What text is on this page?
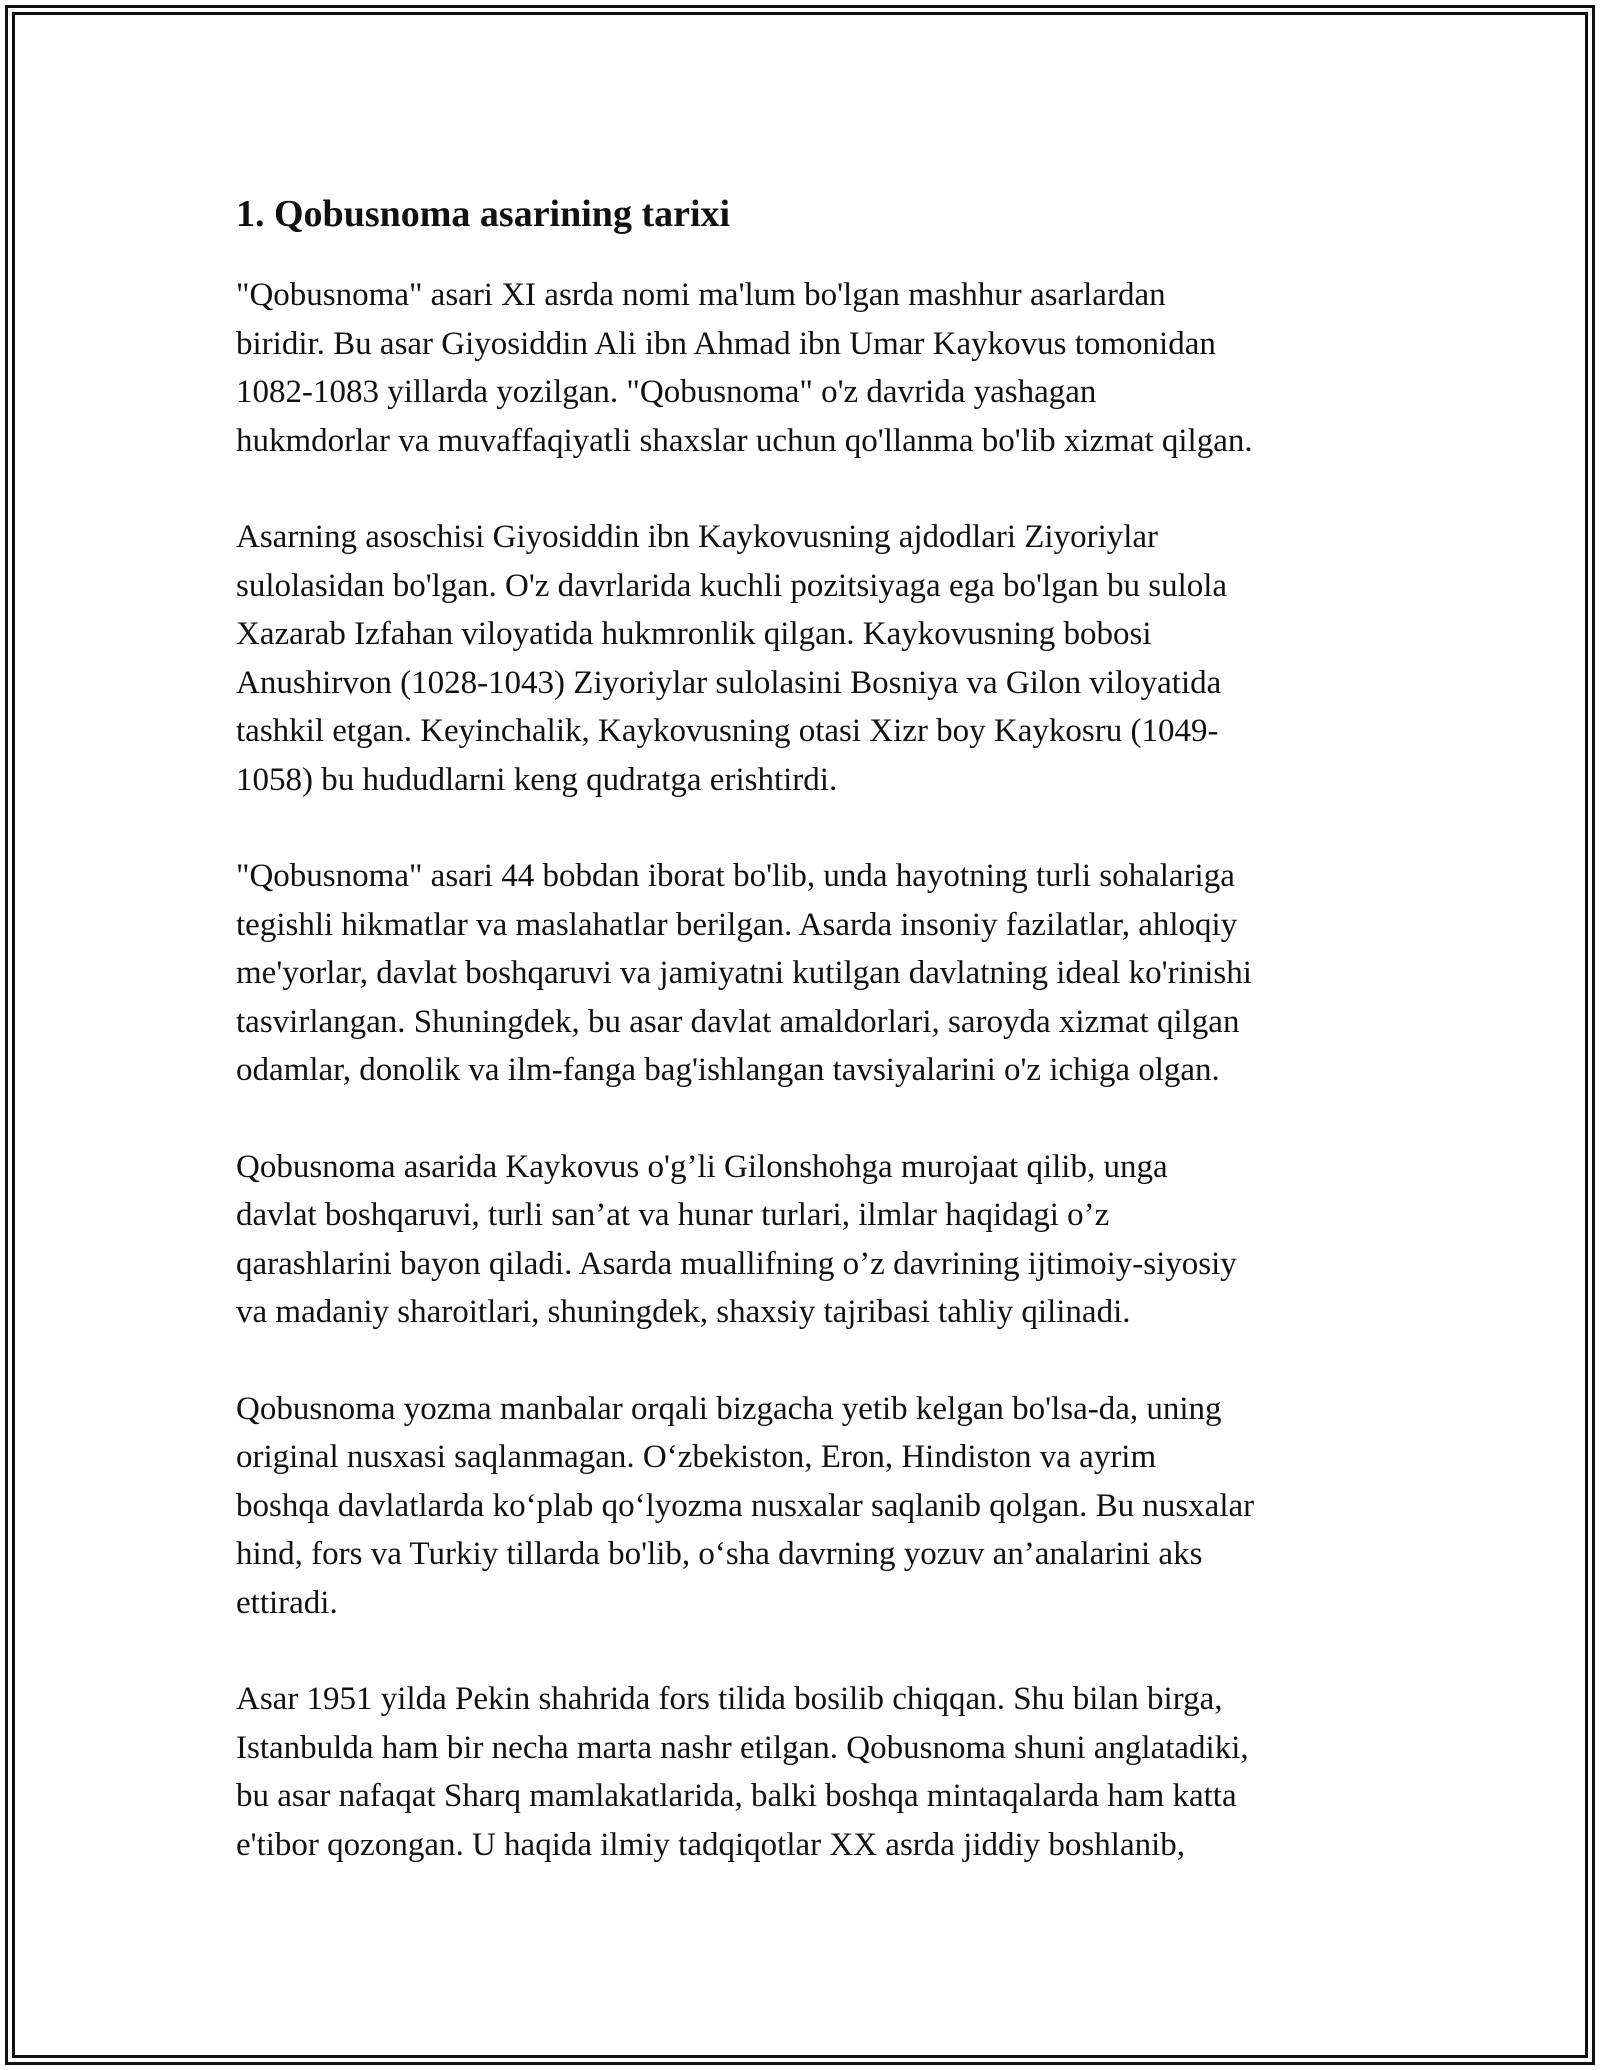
1. Qobusnoma asarining tarixi

"Qobusnoma" asari XI asrda nomi ma'lum bo'lgan mashhur asarlardan
biridir. Bu asar Giyosiddin Ali ibn Ahmad ibn Umar Kaykovus tomonidan
1082-1083 yillarda yozilgan. "Qobusnoma" o'z davrida yashagan
hukmdorlar va muvaffaqiyatli shaxslar uchun qo'llanma bo'lib xizmat qilgan.

Asarning asoschisi Giyosiddin ibn Kaykovusning ajdodlari Ziyoriylar
sulolasidan bo'lgan. O'z davrlarida kuchli pozitsiyaga ega bo'lgan bu sulola
Xazarab Izfahan viloyatida hukmronlik qilgan. Kaykovusning bobosi
Anushirvon (1028-1043) Ziyoriylar sulolasini Bosniya va Gilon viloyatida
tashkil etgan. Keyinchalik, Kaykovusning otasi Xizr boy Kaykosru (1049-
1058) bu hududlarni keng qudratga erishtirdi.

"Qobusnoma" asari 44 bobdan iborat bo'lib, unda hayotning turli sohalariga
tegishli hikmatlar va maslahatlar berilgan. Asarda insoniy fazilatlar, ahloqiy
me'yorlar, davlat boshqaruvi va jamiyatni kutilgan davlatning ideal ko'rinishi
tasvirlangan. Shuningdek, bu asar davlat amaldorlari, saroyda xizmat qilgan
odamlar, donolik va ilm-fanga bag'ishlangan tavsiyalarini o'z ichiga olgan.

Qobusnoma asarida Kaykovus o'g’li Gilonshohga murojaat qilib, unga
davlat boshqaruvi, turli san’at va hunar turlari, ilmlar haqidagi o’z
qarashlarini bayon qiladi. Asarda muallifning o’z davrining ijtimoiy-siyosiy
va madaniy sharoitlari, shuningdek, shaxsiy tajribasi tahliy qilinadi.

Qobusnoma yozma manbalar orqali bizgacha yetib kelgan bo'lsa-da, uning
original nusxasi saqlanmagan. O‘zbekiston, Eron, Hindiston va ayrim
boshqa davlatlarda ko‘plab qo‘lyozma nusxalar saqlanib qolgan. Bu nusxalar
hind, fors va Turkiy tillarda bo'lib, o‘sha davrning yozuv an’analarini aks
ettiradi.

Asar 1951 yilda Pekin shahrida fors tilida bosilib chiqqan. Shu bilan birga,
Istanbulda ham bir necha marta nashr etilgan. Qobusnoma shuni anglatadiki,
bu asar nafaqat Sharq mamlakatlarida, balki boshqa mintaqalarda ham katta
e'tibor qozongan. U haqida ilmiy tadqiqotlar XX asrda jiddiy boshlanib,
